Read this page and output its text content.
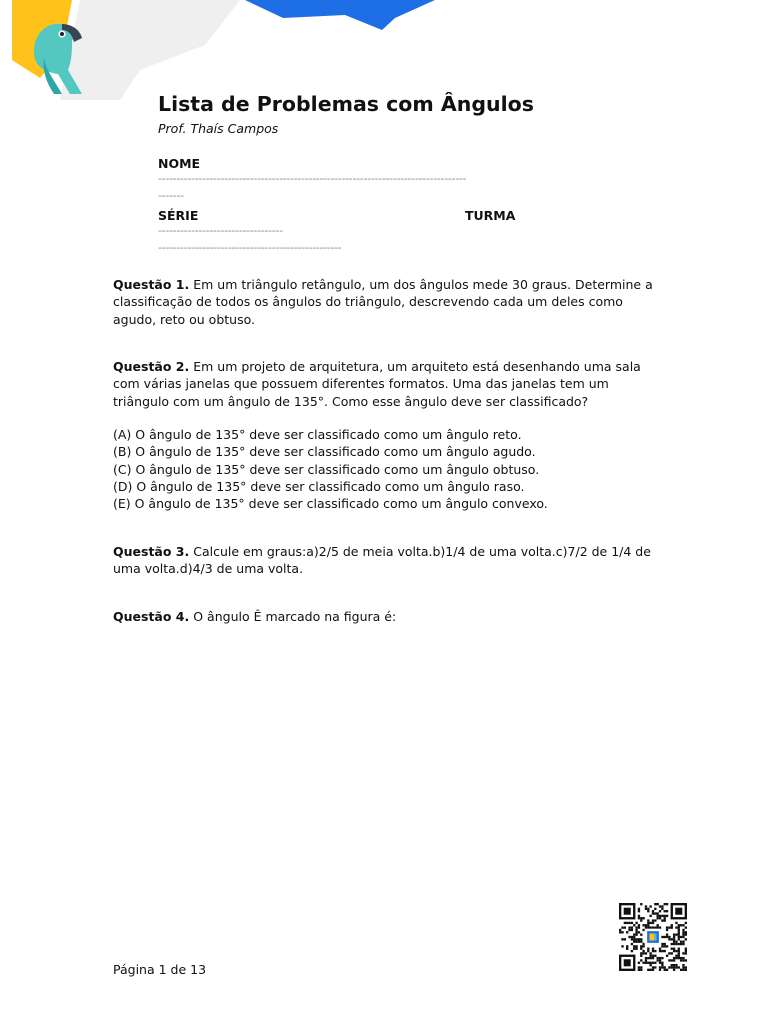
Lista de Problemas com Ângulos
Prof. Thaís Campos
NOME
------------------------------------------------------------------------------------
-------
SÉRIE	TURMA
----------------------------------
--------------------------------------------------

Questão 1. Em um triângulo retângulo, um dos ângulos mede 30 graus. Determine a classificação de todos os ângulos do triângulo, descrevendo cada um deles como agudo, reto ou obtuso.

Questão 2. Em um projeto de arquitetura, um arquiteto está desenhando uma sala com várias janelas que possuem diferentes formatos. Uma das janelas tem um triângulo com um ângulo de 135°. Como esse ângulo deve ser classificado?

(A) O ângulo de 135° deve ser classificado como um ângulo reto.
(B) O ângulo de 135° deve ser classificado como um ângulo agudo.
(C) O ângulo de 135° deve ser classificado como um ângulo obtuso.
(D) O ângulo de 135° deve ser classificado como um ângulo raso.
(E) O ângulo de 135° deve ser classificado como um ângulo convexo.

Questão 3. Calcule em graus:a)2/5 de meia volta.b)1/4 de uma volta.c)7/2 de 1/4 de uma volta.d)4/3 de uma volta.

Questão 4. O ângulo Ê marcado na figura é:

Página 1 de 13
